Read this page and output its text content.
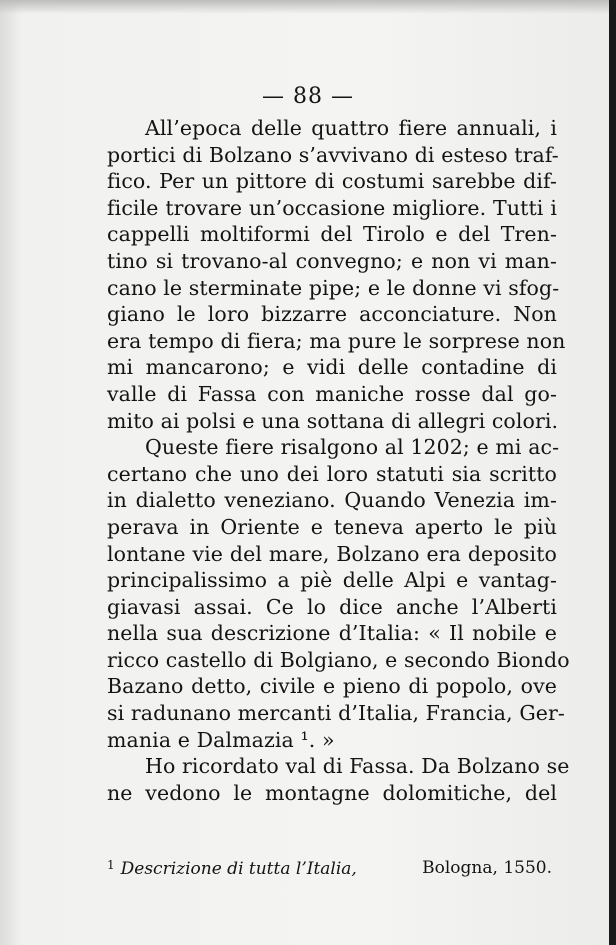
— 88 —
All’epoca delle quattro fiere annuali, i
portici di Bolzano s’avvivano di esteso traf-
fico. Per un pittore di costumi sarebbe dif-
ficile trovare un’occasione migliore. Tutti i
cappelli moltiformi del Tirolo e del Tren-
tino si trovano-al convegno; e non vi man-
cano le sterminate pipe; e le donne vi sfog-
giano le loro bizzarre acconciature. Non
era tempo di fiera; ma pure le sorprese non
mi mancarono; e vidi delle contadine di
valle di Fassa con maniche rosse dal go-
mito ai polsi e una sottana di allegri colori.
Queste fiere risalgono al 1202; e mi ac-
certano che uno dei loro statuti sia scritto
in dialetto veneziano. Quando Venezia im-
perava in Oriente e teneva aperto le più
lontane vie del mare, Bolzano era deposito
principalissimo a piè delle Alpi e vantag-
giavasi assai. Ce lo dice anche l’Alberti
nella sua descrizione d’Italia: « Il nobile e
ricco castello di Bolgiano, e secondo Biondo
Bazano detto, civile e pieno di popolo, ove
si radunano mercanti d’Italia, Francia, Ger-
mania e Dalmazia ¹. »
Ho ricordato val di Fassa. Da Bolzano se
ne vedono le montagne dolomitiche, del
$^1$ Descrizione di tutta l’Italia,	Bologna, 1550.
